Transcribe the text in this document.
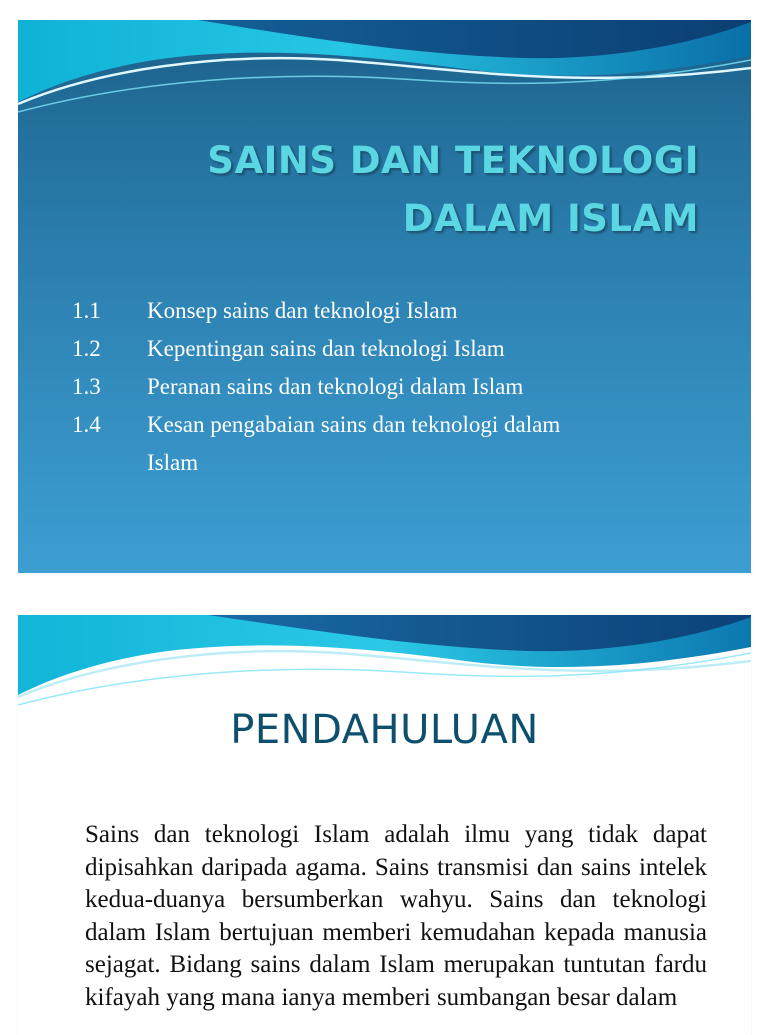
SAINS DAN TEKNOLOGI
DALAM ISLAM
1.1	Konsep sains dan teknologi Islam
1.2	Kepentingan sains dan teknologi Islam
1.3	Peranan sains dan teknologi dalam Islam
1.4	Kesan pengabaian sains dan teknologi dalam Islam
PENDAHULUAN

Sains dan teknologi Islam adalah ilmu yang tidak dapat dipisahkan daripada agama. Sains transmisi dan sains intelek kedua-duanya bersumberkan wahyu. Sains dan teknologi dalam Islam bertujuan memberi kemudahan kepada manusia sejagat. Bidang sains dalam Islam merupakan tuntutan fardu kifayah yang mana ianya memberi sumbangan besar dalam
